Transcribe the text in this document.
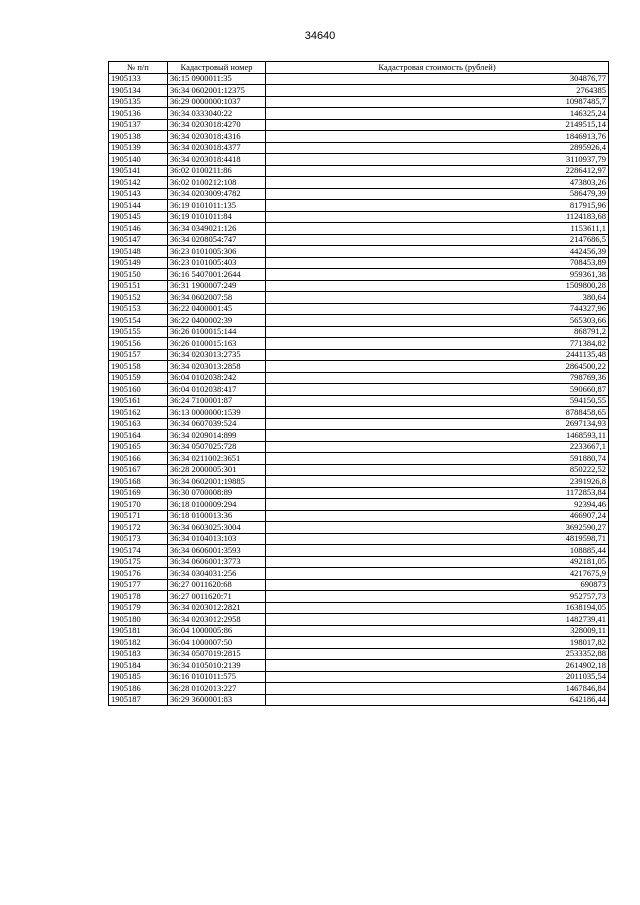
34640
№ п/п	Кадастровый номер	Кадастровая стоимость (рублей)
1905133	36:15 0900011:35	304876,77
1905134	36:34 0602001:12375	2764385
1905135	36:29 0000000:1037	10987485,7
1905136	36:34 0333040:22	146325,24
1905137	36:34 0203018:4270	2149515,14
1905138	36:34 0203018:4316	1846913,76
1905139	36:34 0203018:4377	2895926,4
1905140	36:34 0203018:4418	3110937,79
1905141	36:02 0100211:86	2286412,97
1905142	36:02 0100212:108	473803,26
1905143	36:34 0203009:4782	586479,39
1905144	36:19 0101011:135	817915,96
1905145	36:19 0101011:84	1124183,68
1905146	36:34 0349021:126	1153611,1
1905147	36:34 0208054:747	2147686,5
1905148	36:23 0101005:306	442456,39
1905149	36:23 0101005:403	708453,89
1905150	36:16 5407001:2644	959361,38
1905151	36:31 1900007:249	1509800,28
1905152	36:34 0602007:58	380,64
1905153	36:22 0400001:45	744327,96
1905154	36:22 0400002:39	565303,66
1905155	36:26 0100015:144	868791,2
1905156	36:26 0100015:163	771384,82
1905157	36:34 0203013:2735	2441135,48
1905158	36:34 0203013:2858	2864500,22
1905159	36:04 0102038:242	798769,36
1905160	36:04 0102038:417	590660,87
1905161	36:24 7100001:87	594150,55
1905162	36:13 0000000:1539	8788458,65
1905163	36:34 0607039:524	2697134,93
1905164	36:34 0209014:899	1468593,11
1905165	36:34 0507025:728	2233667,1
1905166	36:34 0211002:3651	591880,74
1905167	36:28 2000005:301	850222,52
1905168	36:34 0602001:19885	2391926,8
1905169	36:30 0700008:89	1172853,84
1905170	36:18 0100009:294	92394,46
1905171	36:18 0100013:36	466907,24
1905172	36:34 0603025:3004	3692590,27
1905173	36:34 0104013:103	4819598,71
1905174	36:34 0606001:3593	108885,44
1905175	36:34 0606001:3773	492181,05
1905176	36:34 0304031:256	4217675,9
1905177	36:27 0011620:68	690873
1905178	36:27 0011620:71	952757,73
1905179	36:34 0203012:2821	1638194,05
1905180	36:34 0203012:2958	1482739,41
1905181	36:04 1000005:86	328009,11
1905182	36:04 1000007:50	198017,82
1905183	36:34 0507019:2815	2533352,88
1905184	36:34 0105010:2139	2614902,18
1905185	36:16 0101011:575	2011035,54
1905186	36:28 0102013:227	1467846,84
1905187	36:29 3600001:83	642186,44
